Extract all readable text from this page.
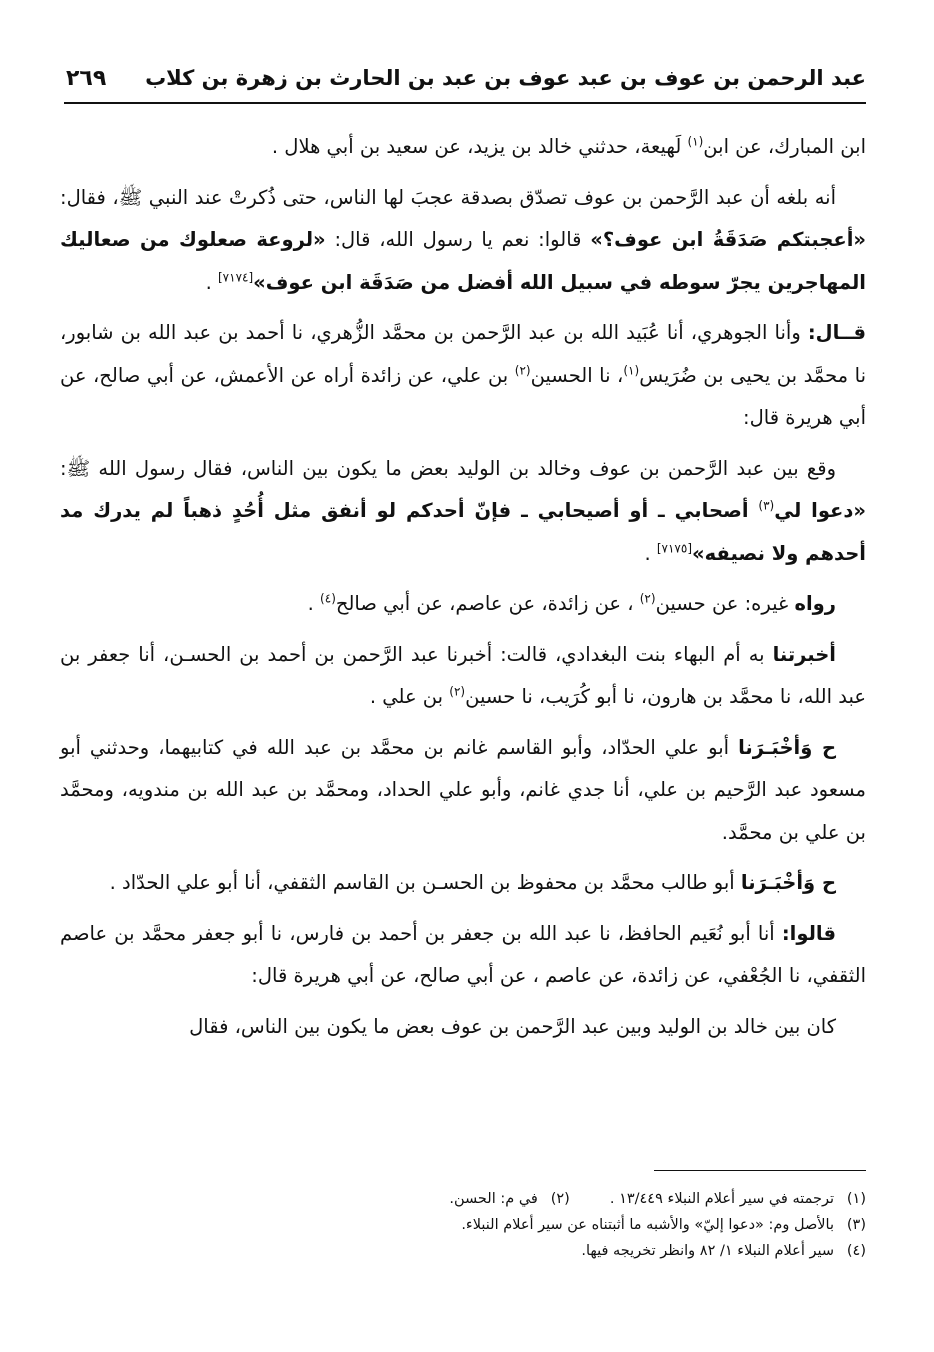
عبد الرحمن بن عوف بن عبد عوف بن عبد بن الحارث بن زهرة بن كلاب
٢٦٩

ابن المبارك، عن ابن$^{(١)}$ لَهيعة، حدثني خالد بن يزيد، عن سعيد بن أبي هلال .

أنه بلغه أن عبد الرَّحمن بن عوف تصدّق بصدقة عجبَ لها الناس، حتى ذُكرتْ عند النبي ﷺ، فقال: «أعجبتكم صَدَقَةُ ابن عوف؟» قالوا: نعم يا رسول الله، قال: «لروعة صعلوك من صعاليك المهاجرين يجرّ سوطه في سبيل الله أفضل من صَدَقَة ابن عوف»[٧١٧٤] .

قــال: وأنا الجوهري، أنا عُبَيد الله بن عبد الرَّحمن بن محمَّد الزُّهري، نا أحمد بن عبد الله بن شابور، نا محمَّد بن يحيى بن ضُرَيس$^{(١)}$، نا الحسين$^{(٢)}$ بن علي، عن زائدة أراه عن الأعمش، عن أبي صالح، عن أبي هريرة قال:

وقع بين عبد الرَّحمن بن عوف وخالد بن الوليد بعض ما يكون بين الناس، فقال رسول الله ﷺ: «دعوا لي$^{(٣)}$ أصحابي ـ أو أصيحابي ـ فإنّ أحدكم لو أنفق مثل أُحُدٍ ذهباً لم يدرك مد أحدهم ولا نصيفه»[٧١٧٥] .

رواه غيره: عن حسين$^{(٢)}$ ، عن زائدة، عن عاصم، عن أبي صالح$^{(٤)}$ .

أخبرتنا به أم البهاء بنت البغدادي، قالت: أخبرنا عبد الرَّحمن بن أحمد بن الحسـن، أنا جعفر بن عبد الله، نا محمَّد بن هارون، نا أبو كُرَيب، نا حسين$^{(٢)}$ بن علي .

ح وَأخْبَـرَنا أبو علي الحدّاد، وأبو القاسم غانم بن محمَّد بن عبد الله في كتابيهما، وحدثني أبو مسعود عبد الرَّحيم بن علي، أنا جدي غانم، وأبو علي الحداد، ومحمَّد بن عبد الله بن مندويه، ومحمَّد بن علي بن محمَّد.

ح وَأخْبَـرَنا أبو طالب محمَّد بن محفوظ بن الحسـن بن القاسم الثقفي، أنا أبو علي الحدّاد .

قالوا: أنا أبو نُعَيم الحافظ، نا عبد الله بن جعفر بن أحمد بن فارس، نا أبو جعفر محمَّد بن عاصم الثقفي، نا الجُعْفي، عن زائدة، عن عاصم ، عن أبي صالح، عن أبي هريرة قال:

كان بين خالد بن الوليد وبين عبد الرَّحمن بن عوف بعض ما يكون بين الناس، فقال

(١)ترجمته في سير أعلام النبلاء ١٣/٤٤٩ .(٢)في م: الحسن.
(٣)بالأصل وم: «دعوا إليّ» والأشبه ما أثبتناه عن سير أعلام النبلاء.
(٤)سير أعلام النبلاء ١/ ٨٢ وانظر تخريجه فيها.
